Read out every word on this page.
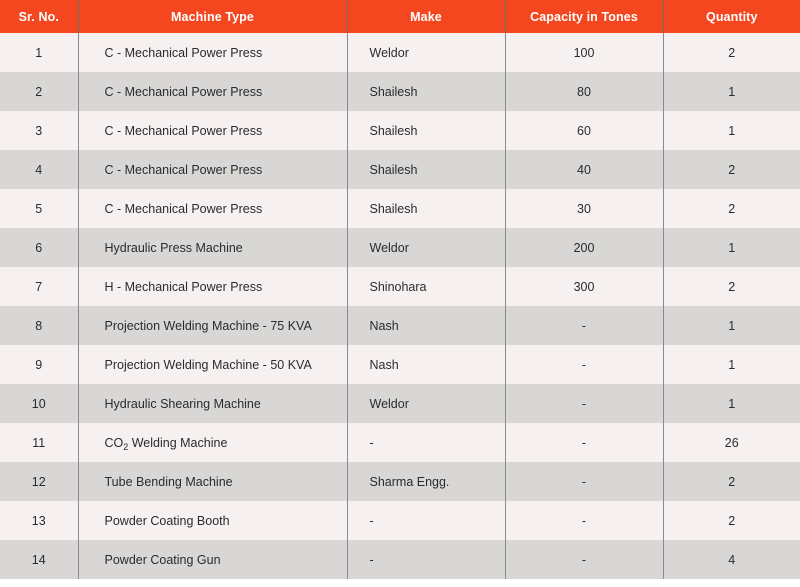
Sr. No.	Machine Type	Make	Capacity in Tones	Quantity
1	C - Mechanical Power Press	Weldor	100	2
2	C - Mechanical Power Press	Shailesh	80	1
3	C - Mechanical Power Press	Shailesh	60	1
4	C - Mechanical Power Press	Shailesh	40	2
5	C - Mechanical Power Press	Shailesh	30	2
6	Hydraulic Press Machine	Weldor	200	1
7	H - Mechanical Power Press	Shinohara	300	2
8	Projection Welding Machine - 75 KVA	Nash	-	1
9	Projection Welding Machine - 50 KVA	Nash	-	1
10	Hydraulic Shearing Machine	Weldor	-	1
11	$CO_2$ Welding Machine	-	-	26
12	Tube Bending Machine	Sharma Engg.	-	2
13	Powder Coating Booth	-	-	2
14	Powder Coating Gun	-	-	4
